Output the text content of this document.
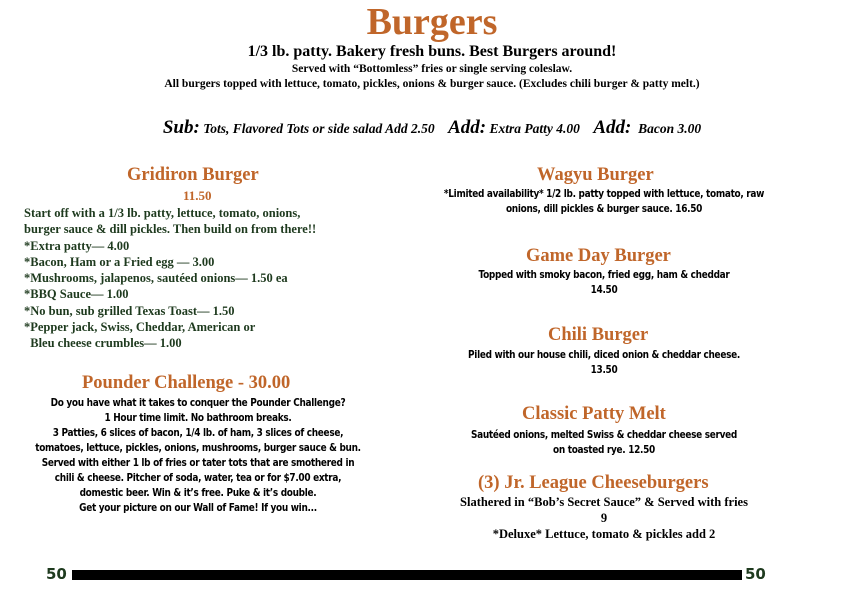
Burgers
1/3 lb. patty. Bakery fresh buns. Best Burgers around!
Served with “Bottomless” fries or single serving coleslaw.
All burgers topped with lettuce, tomato, pickles, onions & burger sauce. (Excludes chili burger & patty melt.)
Sub: Tots, Flavored Tots or side salad Add 2.50 Add: Extra Patty 4.00 Add: Bacon 3.00
Gridiron Burger
11.50
Start off with a 1/3 lb. patty, lettuce, tomato, onions,
burger sauce & dill pickles. Then build on from there!!
*Extra patty— 4.00
*Bacon, Ham or a Fried egg — 3.00
*Mushrooms, jalapenos, sautéed onions— 1.50 ea
*BBQ Sauce— 1.00
*No bun, sub grilled Texas Toast— 1.50
*Pepper jack, Swiss, Cheddar, American or
Bleu cheese crumbles— 1.00
Pounder Challenge - 30.00
Do you have what it takes to conquer the Pounder Challenge?
1 Hour time limit. No bathroom breaks.
3 Patties, 6 slices of bacon, 1/4 lb. of ham, 3 slices of cheese,
tomatoes, lettuce, pickles, onions, mushrooms, burger sauce & bun.
Served with either 1 lb of fries or tater tots that are smothered in
chili & cheese. Pitcher of soda, water, tea or for $7.00 extra,
domestic beer. Win & it’s free. Puke & it’s double.
Get your picture on our Wall of Fame! If you win...
Wagyu Burger
*Limited availability* 1/2 lb. patty topped with lettuce, tomato, raw
onions, dill pickles & burger sauce. 16.50
Game Day Burger
Topped with smoky bacon, fried egg, ham & cheddar
14.50
Chili Burger
Piled with our house chili, diced onion & cheddar cheese.
13.50
Classic Patty Melt
Sautéed onions, melted Swiss & cheddar cheese served
on toasted rye. 12.50
(3) Jr. League Cheeseburgers
Slathered in “Bob’s Secret Sauce” & Served with fries
9
*Deluxe* Lettuce, tomato & pickles add 2
50	50
